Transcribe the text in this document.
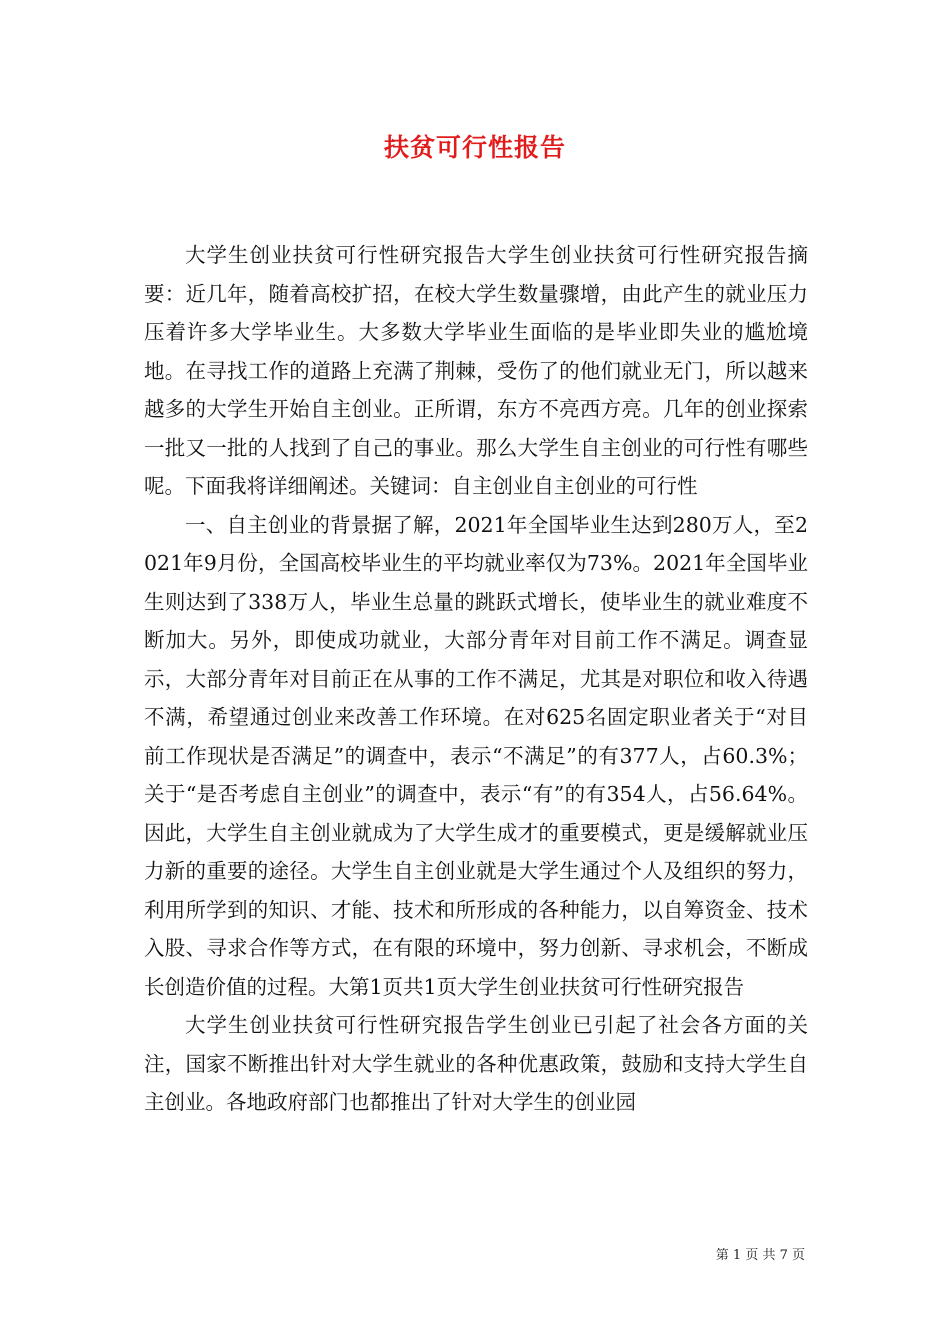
扶贫可行性报告

大学生创业扶贫可行性研究报告大学生创业扶贫可行性研究报告摘要：近几年，随着高校扩招，在校大学生数量骤增，由此产生的就业压力压着许多大学毕业生。大多数大学毕业生面临的是毕业即失业的尴尬境地。在寻找工作的道路上充满了荆棘，受伤了的他们就业无门，所以越来越多的大学生开始自主创业。正所谓，东方不亮西方亮。几年的创业探索一批又一批的人找到了自己的事业。那么大学生自主创业的可行性有哪些呢。下面我将详细阐述。关键词：自主创业自主创业的可行性

一、自主创业的背景据了解，2021年全国毕业生达到280万人，至2021年9月份，全国高校毕业生的平均就业率仅为73%。2021年全国毕业生则达到了338万人，毕业生总量的跳跃式增长，使毕业生的就业难度不断加大。另外，即使成功就业，大部分青年对目前工作不满足。调查显示，大部分青年对目前正在从事的工作不满足，尤其是对职位和收入待遇不满，希望通过创业来改善工作环境。在对625名固定职业者关于“对目前工作现状是否满足”的调查中，表示“不满足”的有377人，占60.3%；关于“是否考虑自主创业”的调查中，表示“有”的有354人，占56.64%。因此，大学生自主创业就成为了大学生成才的重要模式，更是缓解就业压力新的重要的途径。大学生自主创业就是大学生通过个人及组织的努力，利用所学到的知识、才能、技术和所形成的各种能力，以自筹资金、技术入股、寻求合作等方式，在有限的环境中，努力创新、寻求机会，不断成长创造价值的过程。大第1页共1页大学生创业扶贫可行性研究报告

大学生创业扶贫可行性研究报告学生创业已引起了社会各方面的关注，国家不断推出针对大学生就业的各种优惠政策，鼓励和支持大学生自主创业。各地政府部门也都推出了针对大学生的创业园

第 1 页 共 7 页
